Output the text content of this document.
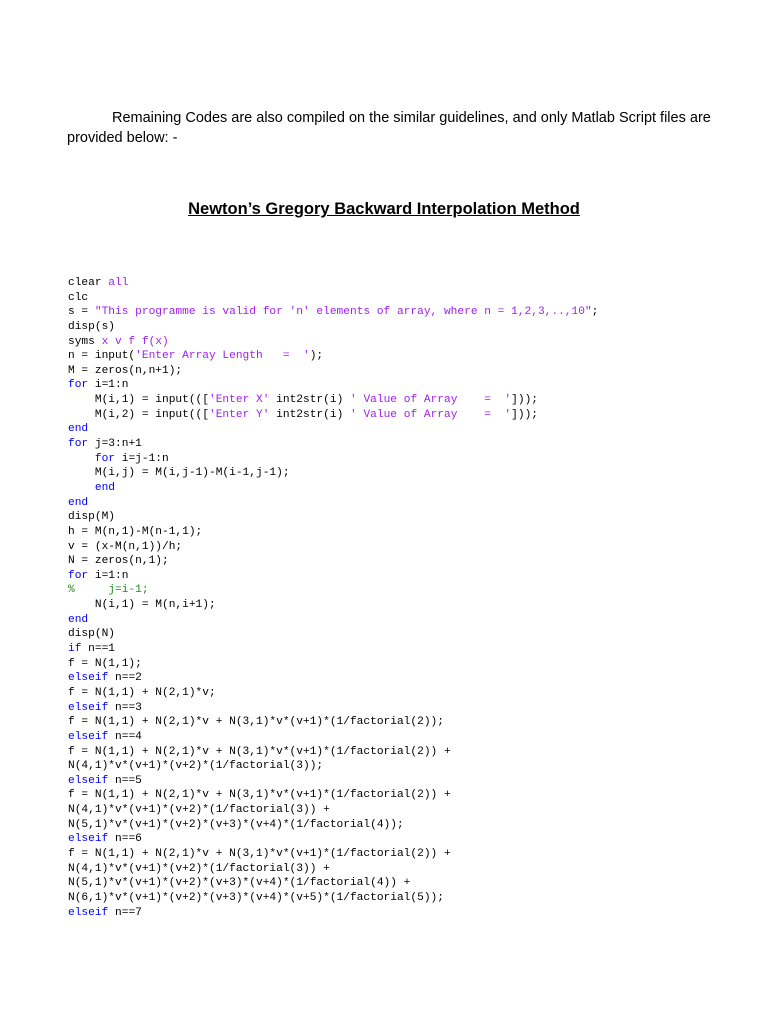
Remaining Codes are also compiled on the similar guidelines, and only Matlab Script files are provided below: -

Newton’s Gregory Backward Interpolation Method
clear all
clc
s = "This programme is valid for 'n' elements of array, where n = 1,2,3,..,10";
disp(s)
syms x v f f(x)
n = input('Enter Array Length   =  ');
M = zeros(n,n+1);
for i=1:n
M(i,1) = input((['Enter X' int2str(i) ' Value of Array    =  ']));
M(i,2) = input((['Enter Y' int2str(i) ' Value of Array    =  ']));
end
for j=3:n+1
for i=j-1:n
M(i,j) = M(i,j-1)-M(i-1,j-1);
end
end
disp(M)
h = M(n,1)-M(n-1,1);
v = (x-M(n,1))/h;
N = zeros(n,1);
for i=1:n
%     j=i-1;
N(i,1) = M(n,i+1);
end
disp(N)
if n==1
f = N(1,1);
elseif n==2
f = N(1,1) + N(2,1)*v;
elseif n==3
f = N(1,1) + N(2,1)*v + N(3,1)*v*(v+1)*(1/factorial(2));
elseif n==4
f = N(1,1) + N(2,1)*v + N(3,1)*v*(v+1)*(1/factorial(2)) +
N(4,1)*v*(v+1)*(v+2)*(1/factorial(3));
elseif n==5
f = N(1,1) + N(2,1)*v + N(3,1)*v*(v+1)*(1/factorial(2)) +
N(4,1)*v*(v+1)*(v+2)*(1/factorial(3)) +
N(5,1)*v*(v+1)*(v+2)*(v+3)*(v+4)*(1/factorial(4));
elseif n==6
f = N(1,1) + N(2,1)*v + N(3,1)*v*(v+1)*(1/factorial(2)) +
N(4,1)*v*(v+1)*(v+2)*(1/factorial(3)) +
N(5,1)*v*(v+1)*(v+2)*(v+3)*(v+4)*(1/factorial(4)) +
N(6,1)*v*(v+1)*(v+2)*(v+3)*(v+4)*(v+5)*(1/factorial(5));
elseif n==7
